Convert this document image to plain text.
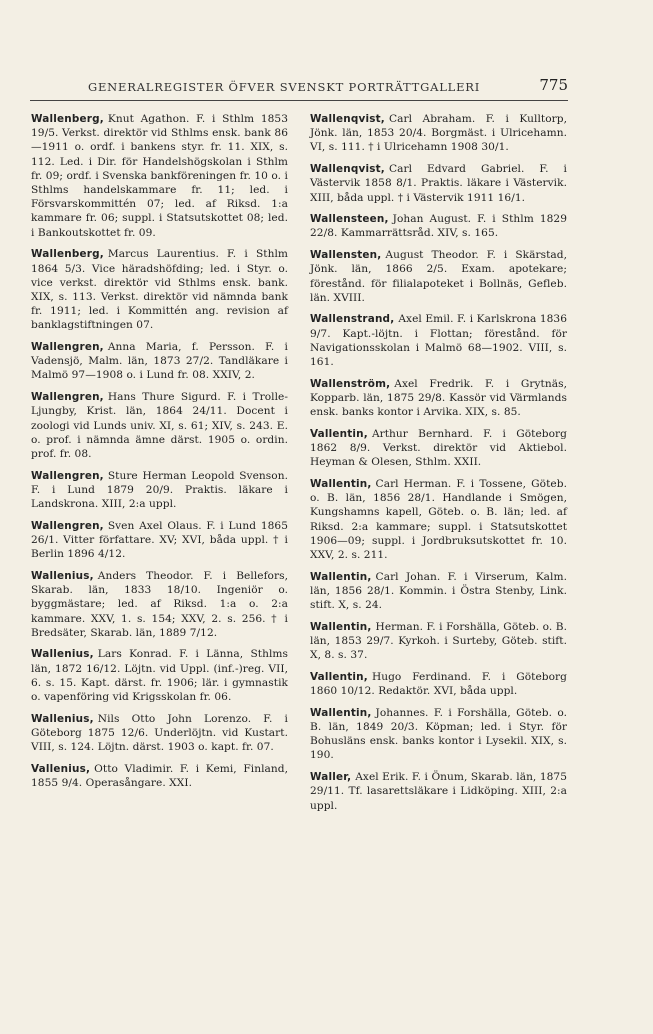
GENERALREGISTER ÖFVER SVENSKT PORTRÄTTGALLERI	775
Wallenberg, Knut Agathon. F. i Sthlm 1853 19/5. Verkst. direktör vid Sthlms ensk. bank 86—1911 o. ordf. i bankens styr. fr. 11. XIX, s. 112. Led. i Dir. för Handelshögskolan i Sthlm fr. 09; ordf. i Svenska bankföreningen fr. 10 o. i Sthlms handelskammare fr. 11; led. i Försvarskommittén 07; led. af Riksd. 1:a kammare fr. 06; suppl. i Statsutskottet 08; led. i Bankoutskottet fr. 09.
Wallenberg, Marcus Laurentius. F. i Sthlm 1864 5/3. Vice häradshöfding; led. i Styr. o. vice verkst. direktör vid Sthlms ensk. bank. XIX, s. 113. Verkst. direktör vid nämnda bank fr. 1911; led. i Kommittén ang. revision af banklagstiftningen 07.
Wallengren, Anna Maria, f. Persson. F. i Vadensjö, Malm. län, 1873 27/2. Tandläkare i Malmö 97—1908 o. i Lund fr. 08. XXIV, 2.
Wallengren, Hans Thure Sigurd. F. i Trolle-Ljungby, Krist. län, 1864 24/11. Docent i zoologi vid Lunds univ. XI, s. 61; XIV, s. 243. E. o. prof. i nämnda ämne därst. 1905 o. ordin. prof. fr. 08.
Wallengren, Sture Herman Leopold Svenson. F. i Lund 1879 20/9. Praktis. läkare i Landskrona. XIII, 2:a uppl.
Wallengren, Sven Axel Olaus. F. i Lund 1865 26/1. Vitter författare. XV; XVI, båda uppl. † i Berlin 1896 4/12.
Wallenius, Anders Theodor. F. i Bellefors, Skarab. län, 1833 18/10. Ingeniör o. byggmästare; led. af Riksd. 1:a o. 2:a kammare. XXV, 1. s. 154; XXV, 2. s. 256. † i Bredsäter, Skarab. län, 1889 7/12.
Wallenius, Lars Konrad. F. i Länna, Sthlms län, 1872 16/12. Löjtn. vid Uppl. (inf.-)reg. VII, 6. s. 15. Kapt. därst. fr. 1906; lär. i gymnastik o. vapenföring vid Krigsskolan fr. 06.
Wallenius, Nils Otto John Lorenzo. F. i Göteborg 1875 12/6. Underlöjtn. vid Kustart. VIII, s. 124. Löjtn. därst. 1903 o. kapt. fr. 07.
Vallenius, Otto Vladimir. F. i Kemi, Finland, 1855 9/4. Operasångare. XXI.
Wallenqvist, Carl Abraham. F. i Kulltorp, Jönk. län, 1853 20/4. Borgmäst. i Ulricehamn. VI, s. 111. † i Ulricehamn 1908 30/1.
Wallenqvist, Carl Edvard Gabriel. F. i Västervik 1858 8/1. Praktis. läkare i Västervik. XIII, båda uppl. † i Västervik 1911 16/1.
Wallensteen, Johan August. F. i Sthlm 1829 22/8. Kammarrättsråd. XIV, s. 165.
Wallensten, August Theodor. F. i Skärstad, Jönk. län, 1866 2/5. Exam. apotekare; förestånd. för filialapoteket i Bollnäs, Gefleb. län. XVIII.
Wallenstrand, Axel Emil. F. i Karlskrona 1836 9/7. Kapt.-löjtn. i Flottan; förestånd. för Navigationsskolan i Malmö 68—1902. VIII, s. 161.
Wallenström, Axel Fredrik. F. i Grytnäs, Kopparb. län, 1875 29/8. Kassör vid Värmlands ensk. banks kontor i Arvika. XIX, s. 85.
Vallentin, Arthur Bernhard. F. i Göteborg 1862 8/9. Verkst. direktör vid Aktiebol. Heyman & Olesen, Sthlm. XXII.
Wallentin, Carl Herman. F. i Tossene, Göteb. o. B. län, 1856 28/1. Handlande i Smögen, Kungshamns kapell, Göteb. o. B. län; led. af Riksd. 2:a kammare; suppl. i Statsutskottet 1906—09; suppl. i Jordbruksutskottet fr. 10. XXV, 2. s. 211.
Wallentin, Carl Johan. F. i Virserum, Kalm. län, 1856 28/1. Kommin. i Östra Stenby, Link. stift. X, s. 24.
Wallentin, Herman. F. i Forshälla, Göteb. o. B. län, 1853 29/7. Kyrkoh. i Surteby, Göteb. stift. X, 8. s. 37.
Vallentin, Hugo Ferdinand. F. i Göteborg 1860 10/12. Redaktör. XVI, båda uppl.
Wallentin, Johannes. F. i Forshälla, Göteb. o. B. län, 1849 20/3. Köpman; led. i Styr. för Bohusläns ensk. banks kontor i Lysekil. XIX, s. 190.
Waller, Axel Erik. F. i Önum, Skarab. län, 1875 29/11. Tf. lasarettsläkare i Lidköping. XIII, 2:a uppl.
